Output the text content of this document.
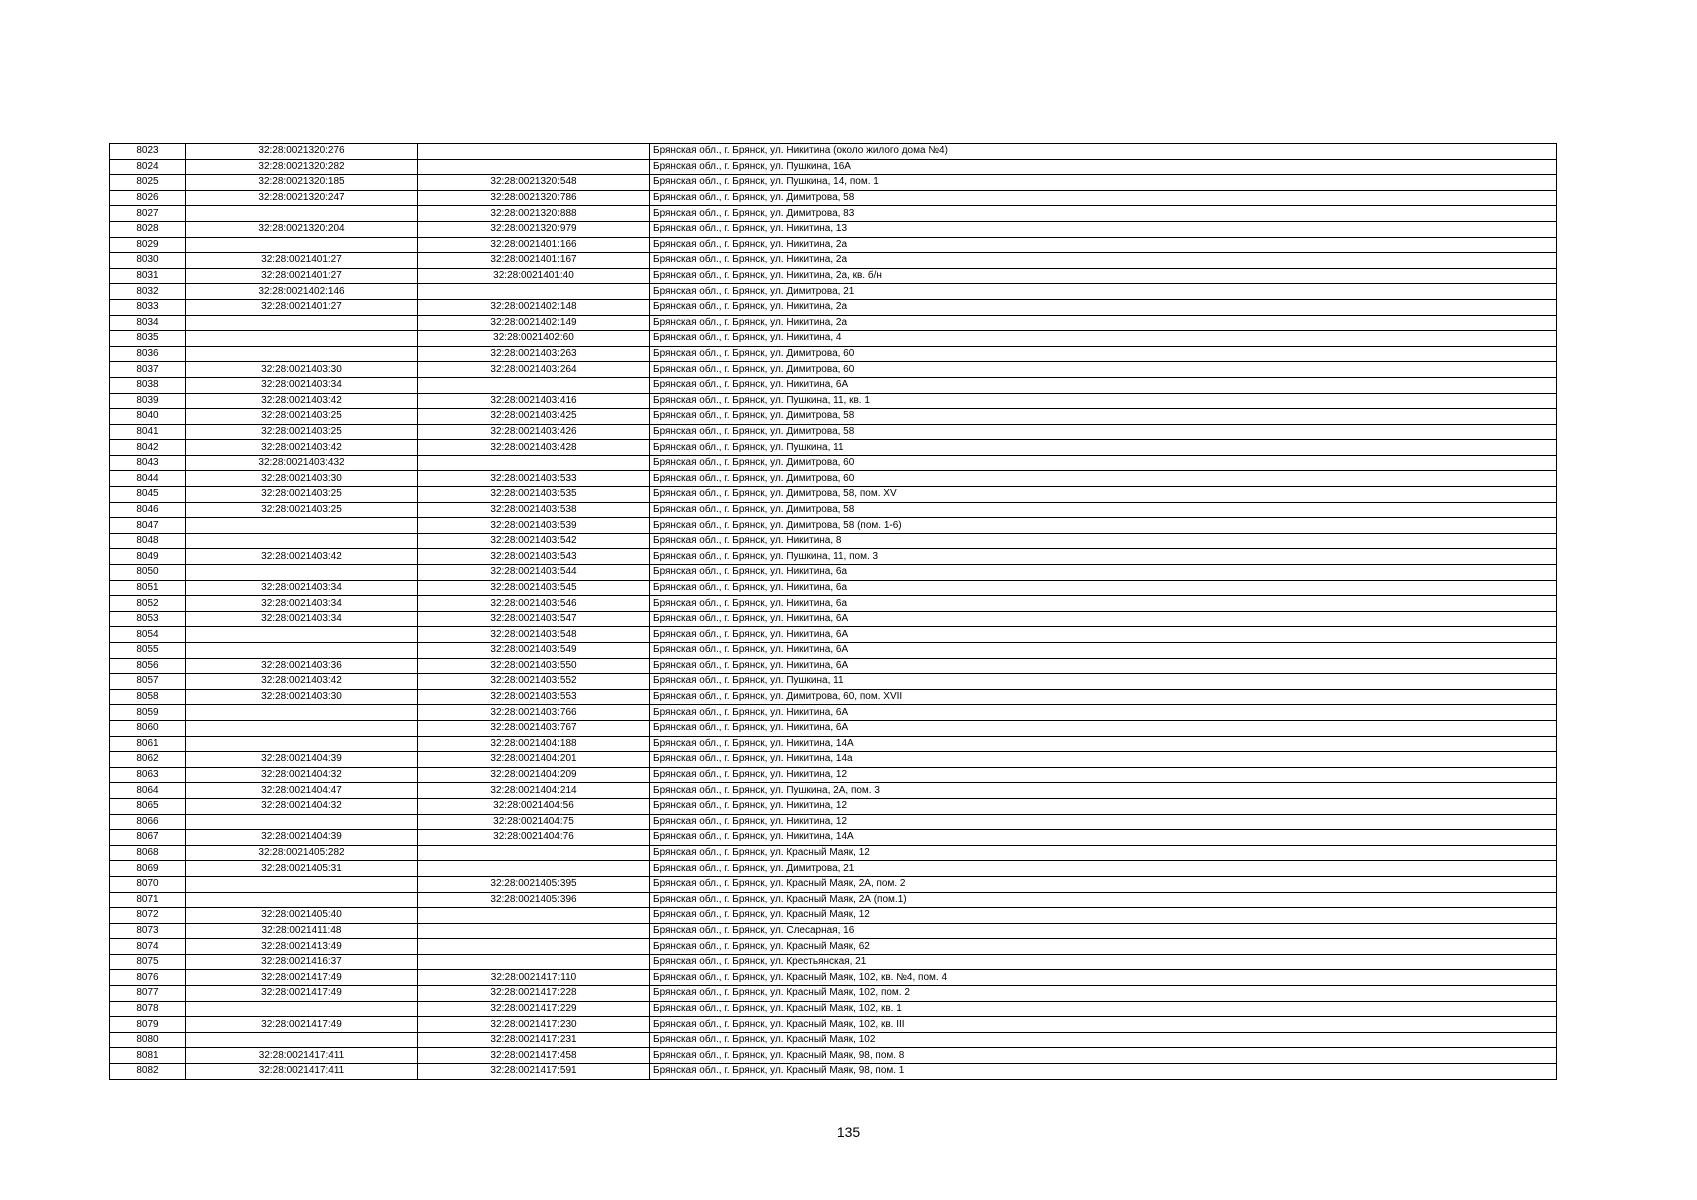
8023	32:28:0021320:276		Брянская обл., г. Брянск, ул. Никитина (около жилого дома №4)
8024	32:28:0021320:282		Брянская обл., г. Брянск, ул. Пушкина, 16А
8025	32:28:0021320:185	32:28:0021320:548	Брянская обл., г. Брянск, ул. Пушкина, 14, пом. 1
8026	32:28:0021320:247	32:28:0021320:786	Брянская обл., г. Брянск, ул. Димитрова, 58
8027		32:28:0021320:888	Брянская обл., г. Брянск, ул. Димитрова, 83
8028	32:28:0021320:204	32:28:0021320:979	Брянская обл., г. Брянск, ул. Никитина, 13
8029		32:28:0021401:166	Брянская обл., г. Брянск, ул. Никитина, 2а
8030	32:28:0021401:27	32:28:0021401:167	Брянская обл., г. Брянск, ул. Никитина, 2а
8031	32:28:0021401:27	32:28:0021401:40	Брянская обл., г. Брянск, ул. Никитина, 2а, кв. б/н
8032	32:28:0021402:146		Брянская обл., г. Брянск, ул. Димитрова, 21
8033	32:28:0021401:27	32:28:0021402:148	Брянская обл., г. Брянск, ул. Никитина, 2а
8034		32:28:0021402:149	Брянская обл., г. Брянск, ул. Никитина, 2а
8035		32:28:0021402:60	Брянская обл., г. Брянск, ул. Никитина, 4
8036		32:28:0021403:263	Брянская обл., г. Брянск, ул. Димитрова, 60
8037	32:28:0021403:30	32:28:0021403:264	Брянская обл., г. Брянск, ул. Димитрова, 60
8038	32:28:0021403:34		Брянская обл., г. Брянск, ул. Никитина, 6А
8039	32:28:0021403:42	32:28:0021403:416	Брянская обл., г. Брянск, ул. Пушкина, 11, кв. 1
8040	32:28:0021403:25	32:28:0021403:425	Брянская обл., г. Брянск, ул. Димитрова, 58
8041	32:28:0021403:25	32:28:0021403:426	Брянская обл., г. Брянск, ул. Димитрова, 58
8042	32:28:0021403:42	32:28:0021403:428	Брянская обл., г. Брянск, ул. Пушкина, 11
8043	32:28:0021403:432		Брянская обл., г. Брянск, ул. Димитрова, 60
8044	32:28:0021403:30	32:28:0021403:533	Брянская обл., г. Брянск, ул. Димитрова, 60
8045	32:28:0021403:25	32:28:0021403:535	Брянская обл., г. Брянск, ул. Димитрова, 58, пом. XV
8046	32:28:0021403:25	32:28:0021403:538	Брянская обл., г. Брянск, ул. Димитрова, 58
8047		32:28:0021403:539	Брянская обл., г. Брянск, ул. Димитрова, 58 (пом. 1-6)
8048		32:28:0021403:542	Брянская обл., г. Брянск, ул. Никитина, 8
8049	32:28:0021403:42	32:28:0021403:543	Брянская обл., г. Брянск, ул. Пушкина, 11, пом. 3
8050		32:28:0021403:544	Брянская обл., г. Брянск, ул. Никитина, 6а
8051	32:28:0021403:34	32:28:0021403:545	Брянская обл., г. Брянск, ул. Никитина, 6а
8052	32:28:0021403:34	32:28:0021403:546	Брянская обл., г. Брянск, ул. Никитина, 6а
8053	32:28:0021403:34	32:28:0021403:547	Брянская обл., г. Брянск, ул. Никитина, 6А
8054		32:28:0021403:548	Брянская обл., г. Брянск, ул. Никитина, 6А
8055		32:28:0021403:549	Брянская обл., г. Брянск, ул. Никитина, 6А
8056	32:28:0021403:36	32:28:0021403:550	Брянская обл., г. Брянск, ул. Никитина, 6А
8057	32:28:0021403:42	32:28:0021403:552	Брянская обл., г. Брянск, ул. Пушкина, 11
8058	32:28:0021403:30	32:28:0021403:553	Брянская обл., г. Брянск, ул. Димитрова, 60, пом. XVII
8059		32:28:0021403:766	Брянская обл., г. Брянск, ул. Никитина, 6А
8060		32:28:0021403:767	Брянская обл., г. Брянск, ул. Никитина, 6А
8061		32:28:0021404:188	Брянская обл., г. Брянск, ул. Никитина, 14А
8062	32:28:0021404:39	32:28:0021404:201	Брянская обл., г. Брянск, ул. Никитина, 14а
8063	32:28:0021404:32	32:28:0021404:209	Брянская обл., г. Брянск, ул. Никитина, 12
8064	32:28:0021404:47	32:28:0021404:214	Брянская обл., г. Брянск, ул. Пушкина, 2А, пом. 3
8065	32:28:0021404:32	32:28:0021404:56	Брянская обл., г. Брянск, ул. Никитина, 12
8066		32:28:0021404:75	Брянская обл., г. Брянск, ул. Никитина, 12
8067	32:28:0021404:39	32:28:0021404:76	Брянская обл., г. Брянск, ул. Никитина, 14А
8068	32:28:0021405:282		Брянская обл., г. Брянск, ул. Красный Маяк, 12
8069	32:28:0021405:31		Брянская обл., г. Брянск, ул. Димитрова, 21
8070		32:28:0021405:395	Брянская обл., г. Брянск, ул. Красный Маяк, 2А, пом. 2
8071		32:28:0021405:396	Брянская обл., г. Брянск, ул. Красный Маяк, 2А (пом.1)
8072	32:28:0021405:40		Брянская обл., г. Брянск, ул. Красный Маяк, 12
8073	32:28:0021411:48		Брянская обл., г. Брянск, ул. Слесарная, 16
8074	32:28:0021413:49		Брянская обл., г. Брянск, ул. Красный Маяк, 62
8075	32:28:0021416:37		Брянская обл., г. Брянск, ул. Крестьянская, 21
8076	32:28:0021417:49	32:28:0021417:110	Брянская обл., г. Брянск, ул. Красный Маяк, 102, кв. №4, пом. 4
8077	32:28:0021417:49	32:28:0021417:228	Брянская обл., г. Брянск, ул. Красный Маяк, 102, пом. 2
8078		32:28:0021417:229	Брянская обл., г. Брянск, ул. Красный Маяк, 102, кв. 1
8079	32:28:0021417:49	32:28:0021417:230	Брянская обл., г. Брянск, ул. Красный Маяк, 102, кв. III
8080		32:28:0021417:231	Брянская обл., г. Брянск, ул. Красный Маяк, 102
8081	32:28:0021417:411	32:28:0021417:458	Брянская обл., г. Брянск, ул. Красный Маяк, 98, пом. 8
8082	32:28:0021417:411	32:28:0021417:591	Брянская обл., г. Брянск, ул. Красный Маяк, 98, пом. 1
135
